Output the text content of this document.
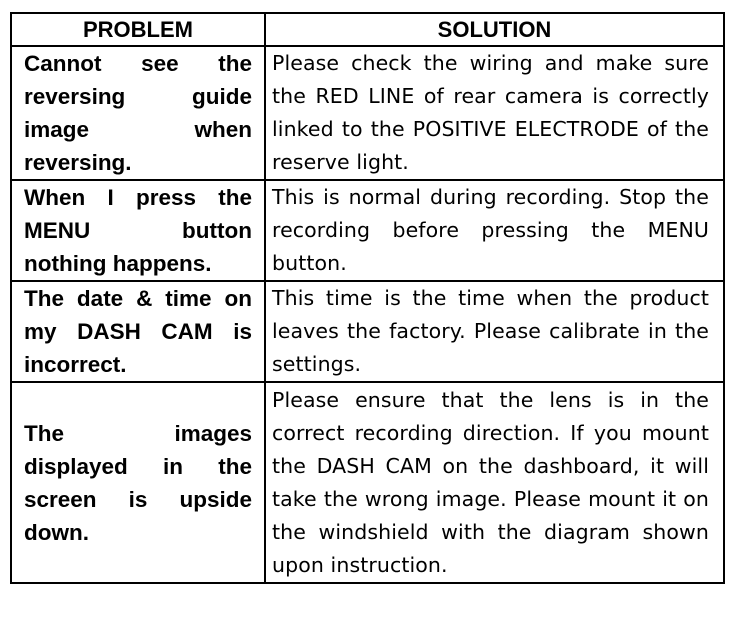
PROBLEM	SOLUTION
Cannot see the reversing guide image when reversing.	Please check the wiring and make sure the RED LINE of rear camera is correctly linked to the POSITIVE ELECTRODE of the reserve light.
When I press the MENU button nothing happens.	This is normal during recording. Stop the recording before pressing the MENU button.
The date & time on my DASH CAM is incorrect.	This time is the time when the product leaves the factory. Please calibrate in the settings.
The images displayed in the screen is upside down.	Please ensure that the lens is in the correct recording direction. If you mount the DASH CAM on the dashboard, it will take the wrong image. Please mount it on the windshield with the diagram shown upon instruction.
